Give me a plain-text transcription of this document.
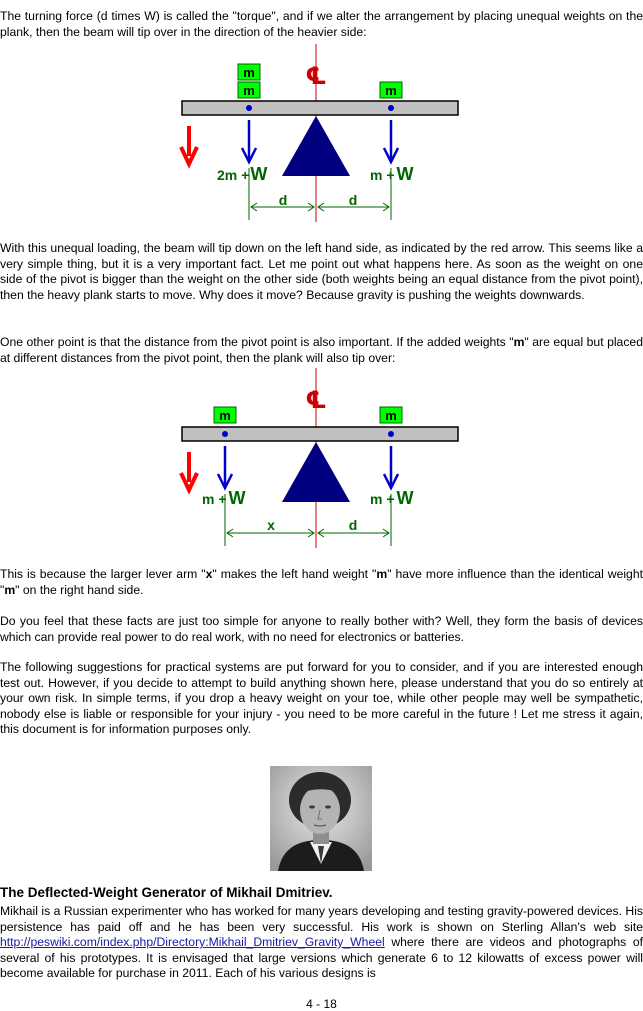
The turning force (d times W) is called the "torque", and if we alter the arrangement by placing unequal weights on the plank, then the beam will tip over in the direction of the heavier side:

℄
m
m	m
2m +W	m + W
d	d

With this unequal loading, the beam will tip down on the left hand side, as indicated by the red arrow. This seems like a very simple thing, but it is a very important fact. Let me point out what happens here. As soon as the weight on one side of the pivot is bigger than the weight on the other side (both weights being an equal distance from the pivot point), then the heavy plank starts to move. Why does it move? Because gravity is pushing the weights downwards.

One other point is that the distance from the pivot point is also important. If the added weights "m" are equal but placed at different distances from the pivot point, then the plank will also tip over:

℄
m	m
m + W	m + W
x	d

This is because the larger lever arm "x" makes the left hand weight "m" have more influence than the identical weight "m" on the right hand side.

Do you feel that these facts are just too simple for anyone to really bother with? Well, they form the basis of devices which can provide real power to do real work, with no need for electronics or batteries.

The following suggestions for practical systems are put forward for you to consider, and if you are interested enough test out. However, if you decide to attempt to build anything shown here, please understand that you do so entirely at your own risk. In simple terms, if you drop a heavy weight on your toe, while other people may well be sympathetic, nobody else is liable or responsible for your injury - you need to be more careful in the future ! Let me stress it again, this document is for information purposes only.

The Deflected-Weight Generator of Mikhail Dmitriev.

Mikhail is a Russian experimenter who has worked for many years developing and testing gravity-powered devices. His persistence has paid off and he has been very successful. His work is shown on Sterling Allan's web site http://peswiki.com/index.php/Directory:Mikhail_Dmitriev_Gravity_Wheel where there are videos and photographs of several of his prototypes. It is envisaged that large versions which generate 6 to 12 kilowatts of excess power will become available for purchase in 2011. Each of his various designs is

4 - 18
